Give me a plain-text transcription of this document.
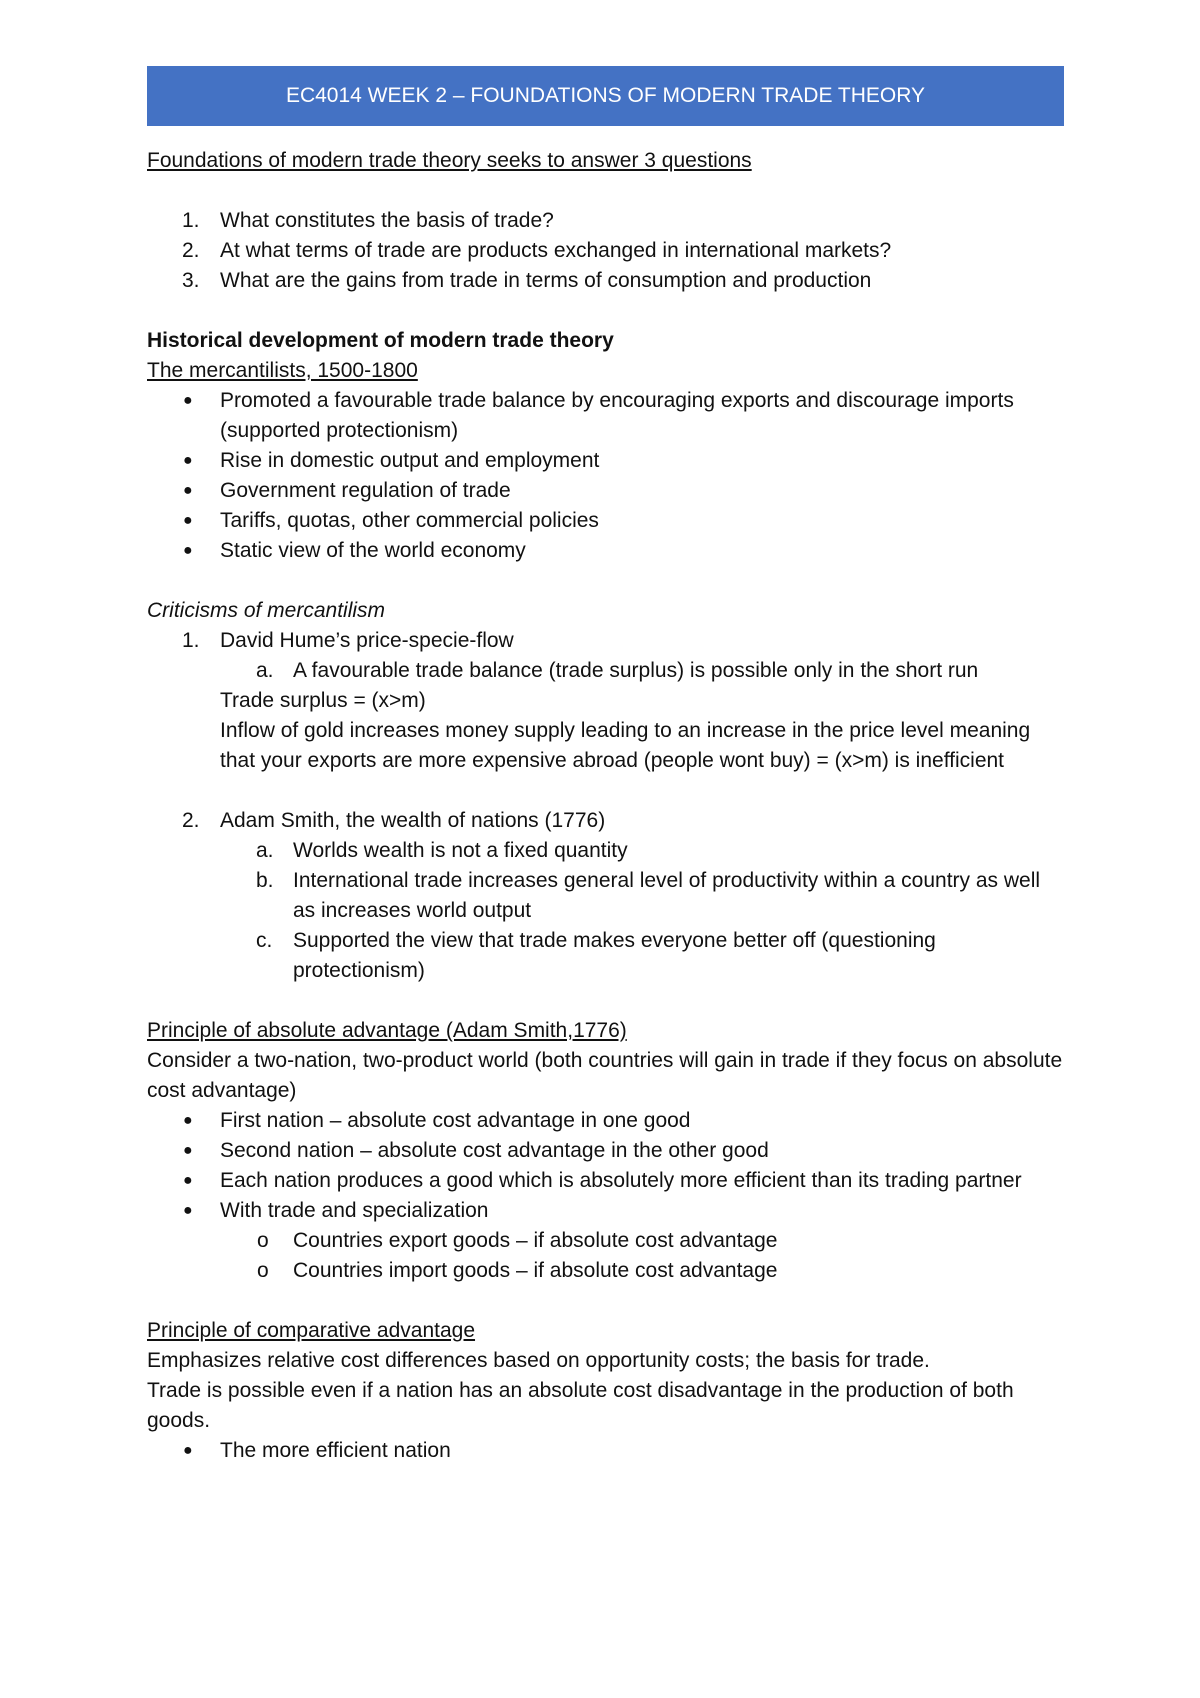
EC4014 WEEK 2 – FOUNDATIONS OF MODERN TRADE THEORY

Foundations of modern trade theory seeks to answer 3 questions

1. What constitutes the basis of trade?

2. At what terms of trade are products exchanged in international markets?

3. What are the gains from trade in terms of consumption and production

Historical development of modern trade theory

The mercantilists, 1500-1800

● Promoted a favourable trade balance by encouraging exports and discourage imports (supported protectionism)

● Rise in domestic output and employment

● Government regulation of trade

● Tariffs, quotas, other commercial policies

● Static view of the world economy

Criticisms of mercantilism

1. David Hume’s price-specie-flow

a. A favourable trade balance (trade surplus) is possible only in the short run

Trade surplus = (x>m)

Inflow of gold increases money supply leading to an increase in the price level meaning that your exports are more expensive abroad (people wont buy) = (x>m) is inefficient

2. Adam Smith, the wealth of nations (1776)

a. Worlds wealth is not a fixed quantity

b. International trade increases general level of productivity within a country as well as increases world output

c. Supported the view that trade makes everyone better off (questioning protectionism)

Principle of absolute advantage (Adam Smith,1776)

Consider a two-nation, two-product world (both countries will gain in trade if they focus on absolute cost advantage)

● First nation – absolute cost advantage in one good

● Second nation – absolute cost advantage in the other good

● Each nation produces a good which is absolutely more efficient than its trading partner

● With trade and specialization

o Countries export goods – if absolute cost advantage

o Countries import goods – if absolute cost advantage

Principle of comparative advantage

Emphasizes relative cost differences based on opportunity costs; the basis for trade.

Trade is possible even if a nation has an absolute cost disadvantage in the production of both goods.

● The more efficient nation
